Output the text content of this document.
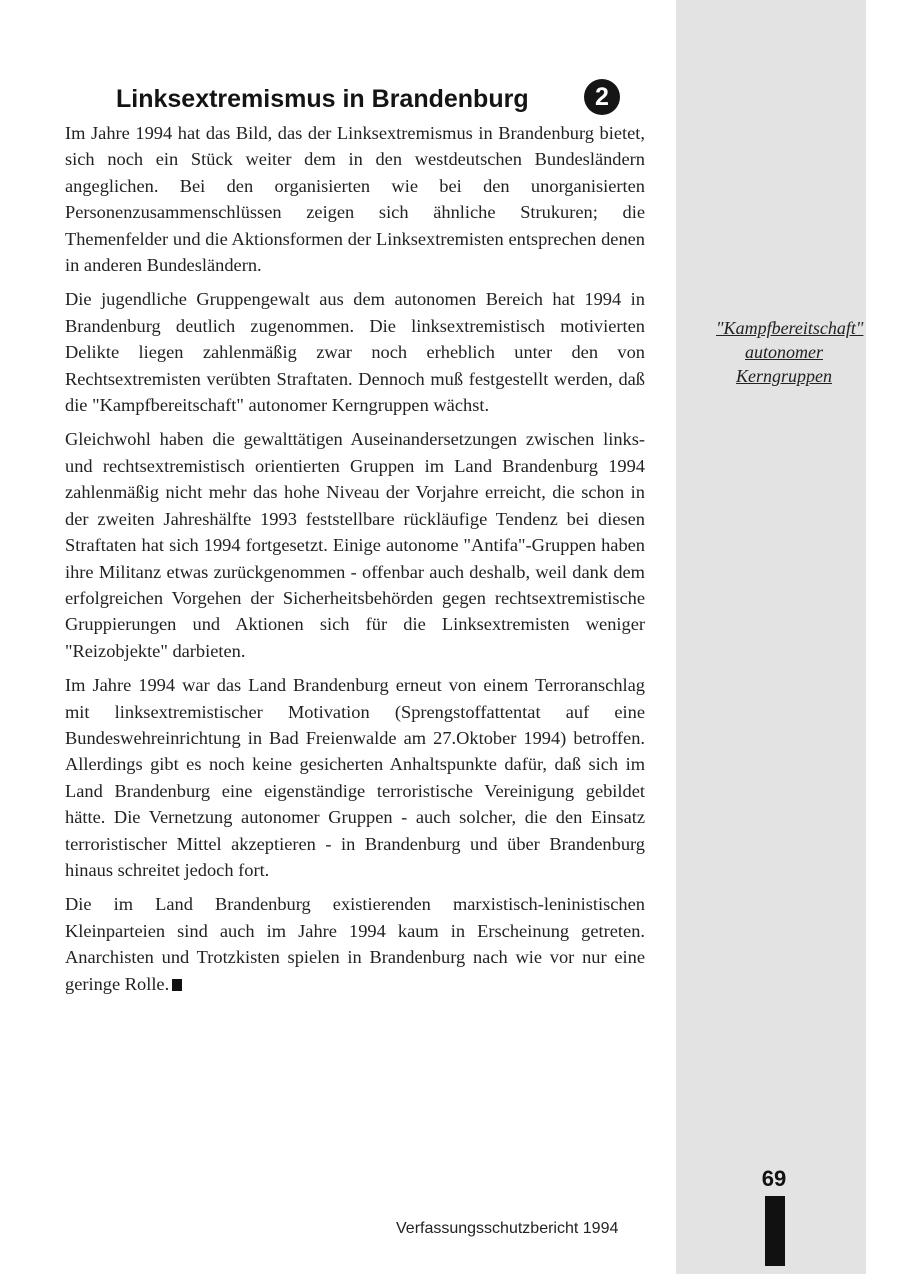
Linksextremismus in Brandenburg	2

Im Jahre 1994 hat das Bild, das der Linksextremismus in Brandenburg bietet, sich noch ein Stück weiter dem in den westdeutschen Bundesländern angeglichen. Bei den organisierten wie bei den unorganisierten Personenzusammenschlüssen zeigen sich ähnliche Strukuren; die Themenfelder und die Aktionsformen der Linksextremisten entsprechen denen in anderen Bundesländern.

Die jugendliche Gruppengewalt aus dem autonomen Bereich hat 1994 in Brandenburg deutlich zugenommen. Die linksextremistisch motivierten Delikte liegen zahlenmäßig zwar noch erheblich unter den von Rechtsextremisten verübten Straftaten. Dennoch muß festgestellt werden, daß die "Kampfbereitschaft" autonomer Kerngruppen wächst.

Gleichwohl haben die gewalttätigen Auseinandersetzungen zwischen links- und rechtsextremistisch orientierten Gruppen im Land Brandenburg 1994 zahlenmäßig nicht mehr das hohe Niveau der Vorjahre erreicht, die schon in der zweiten Jahreshälfte 1993 feststellbare rückläufige Tendenz bei diesen Straftaten hat sich 1994 fortgesetzt. Einige autonome "Antifa"-Gruppen haben ihre Militanz etwas zurückgenommen - offenbar auch deshalb, weil dank dem erfolgreichen Vorgehen der Sicherheitsbehörden gegen rechtsextremistische Gruppierungen und Aktionen sich für die Linksextremisten weniger "Reizobjekte" darbieten.

Im Jahre 1994 war das Land Brandenburg erneut von einem Terroranschlag mit linksextremistischer Motivation (Sprengstoffattentat auf eine Bundeswehreinrichtung in Bad Freienwalde am 27.Oktober 1994) betroffen. Allerdings gibt es noch keine gesicherten Anhaltspunkte dafür, daß sich im Land Brandenburg eine eigenständige terroristische Vereinigung gebildet hätte. Die Vernetzung autonomer Gruppen - auch solcher, die den Einsatz terroristischer Mittel akzeptieren - in Brandenburg und über Brandenburg hinaus schreitet jedoch fort.

Die im Land Brandenburg existierenden marxistisch-leninistischen Kleinparteien sind auch im Jahre 1994 kaum in Erscheinung getreten. Anarchisten und Trotzkisten spielen in Brandenburg nach wie vor nur eine geringe Rolle.

"Kampfbereitschaft" autonomer Kerngruppen
69
Verfassungsschutzbericht 1994
